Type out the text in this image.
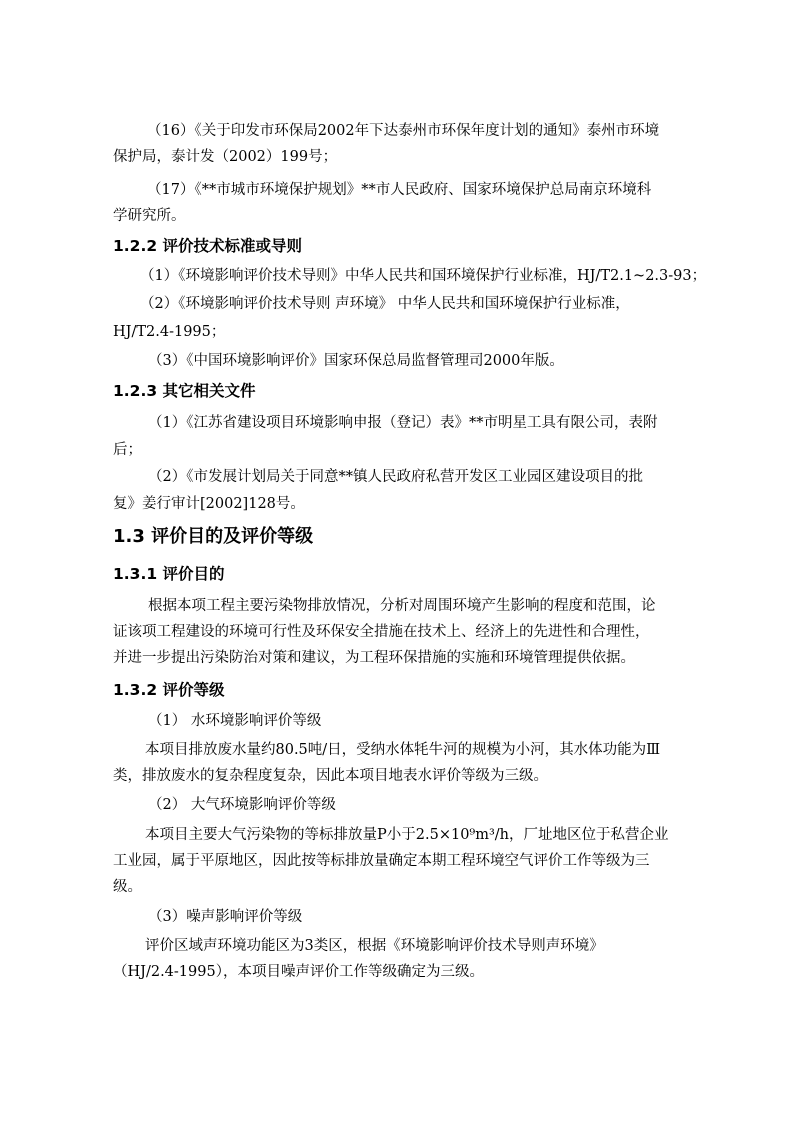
（16）《关于印发市环保局2002年下达泰州市环保年度计划的通知》泰州市环境
保护局，泰计发（2002）199号；
（17）《**市城市环境保护规划》**市人民政府、国家环境保护总局南京环境科
学研究所。
1.2.2 评价技术标准或导则
（1）《环境影响评价技术导则》中华人民共和国环境保护行业标准，HJ/T2.1~2.3-93；
（2）《环境影响评价技术导则 声环境》 中华人民共和国环境保护行业标准，
HJ/T2.4-1995；
（3）《中国环境影响评价》国家环保总局监督管理司2000年版。
1.2.3 其它相关文件
（1）《江苏省建设项目环境影响申报（登记）表》**市明星工具有限公司，表附
后；
（2）《市发展计划局关于同意**镇人民政府私营开发区工业园区建设项目的批
复》姜行审计[2002]128号。
1.3 评价目的及评价等级
1.3.1 评价目的
根据本项工程主要污染物排放情况，分析对周围环境产生影响的程度和范围，论
证该项工程建设的环境可行性及环保安全措施在技术上、经济上的先进性和合理性，
并进一步提出污染防治对策和建议，为工程环保措施的实施和环境管理提供依据。
1.3.2 评价等级
（1） 水环境影响评价等级
本项目排放废水量约80.5吨/日，受纳水体牦牛河的规模为小河，其水体功能为Ⅲ
类，排放废水的复杂程度复杂，因此本项目地表水评价等级为三级。
（2） 大气环境影响评价等级
本项目主要大气污染物的等标排放量P小于2.5×10⁹m³/h，厂址地区位于私营企业
工业园，属于平原地区，因此按等标排放量确定本期工程环境空气评价工作等级为三
级。
（3）噪声影响评价等级
评价区域声环境功能区为3类区，根据《环境影响评价技术导则声环境》
（HJ/2.4-1995），本项目噪声评价工作等级确定为三级。
